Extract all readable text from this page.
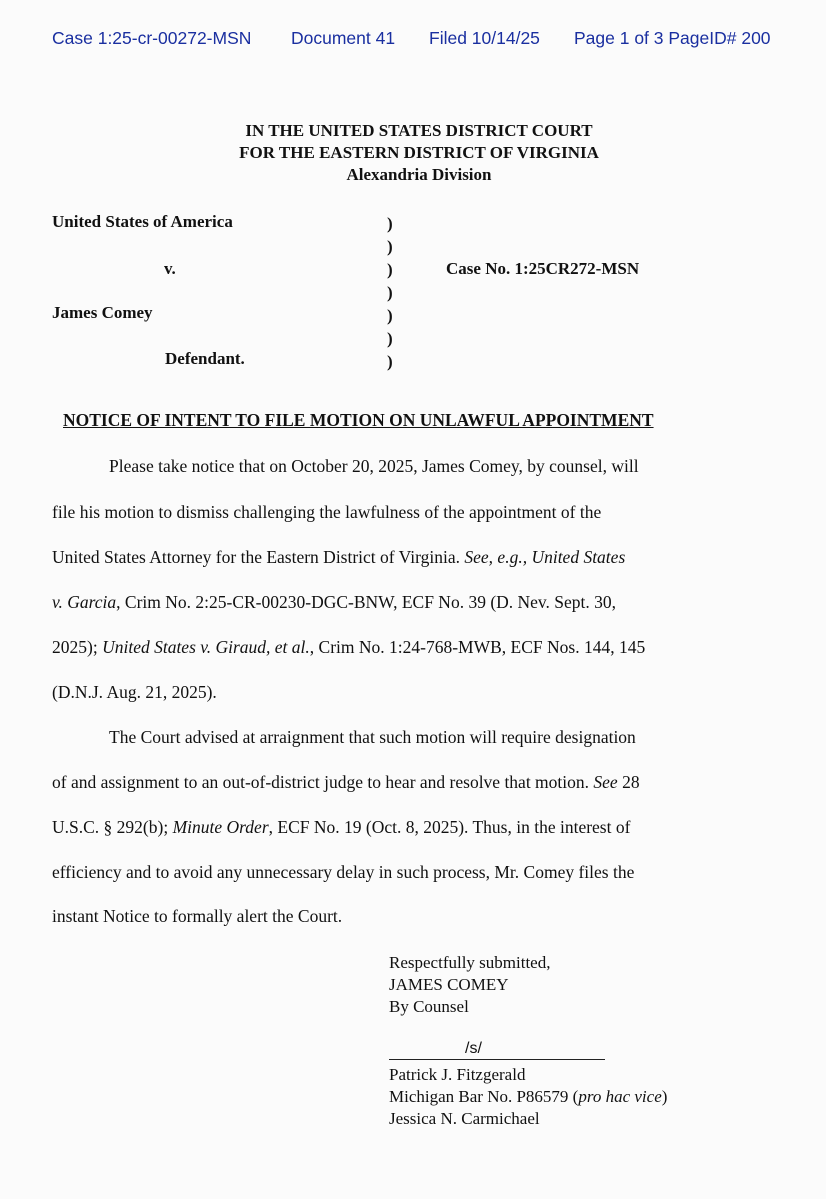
Case 1:25-cr-00272-MSN Document 41 Filed 10/14/25 Page 1 of 3 PageID# 200
IN THE UNITED STATES DISTRICT COURT
FOR THE EASTERN DISTRICT OF VIRGINIA
Alexandria Division
United States of America
v.
James Comey
Defendant.
Case No. 1:25CR272-MSN
)
)
)
)
)
)
)
NOTICE OF INTENT TO FILE MOTION ON UNLAWFUL APPOINTMENT
Please take notice that on October 20, 2025, James Comey, by counsel, will
file his motion to dismiss challenging the lawfulness of the appointment of the
United States Attorney for the Eastern District of Virginia. See, e.g., United States
v. Garcia, Crim No. 2:25-CR-00230-DGC-BNW, ECF No. 39 (D. Nev. Sept. 30,
2025); United States v. Giraud, et al., Crim No. 1:24-768-MWB, ECF Nos. 144, 145
(D.N.J. Aug. 21, 2025).
The Court advised at arraignment that such motion will require designation
of and assignment to an out-of-district judge to hear and resolve that motion. See 28
U.S.C. § 292(b); Minute Order, ECF No. 19 (Oct. 8, 2025). Thus, in the interest of
efficiency and to avoid any unnecessary delay in such process, Mr. Comey files the
instant Notice to formally alert the Court.
Respectfully submitted,
JAMES COMEY
By Counsel
/s/
Patrick J. Fitzgerald
Michigan Bar No. P86579 (pro hac vice)
Jessica N. Carmichael
